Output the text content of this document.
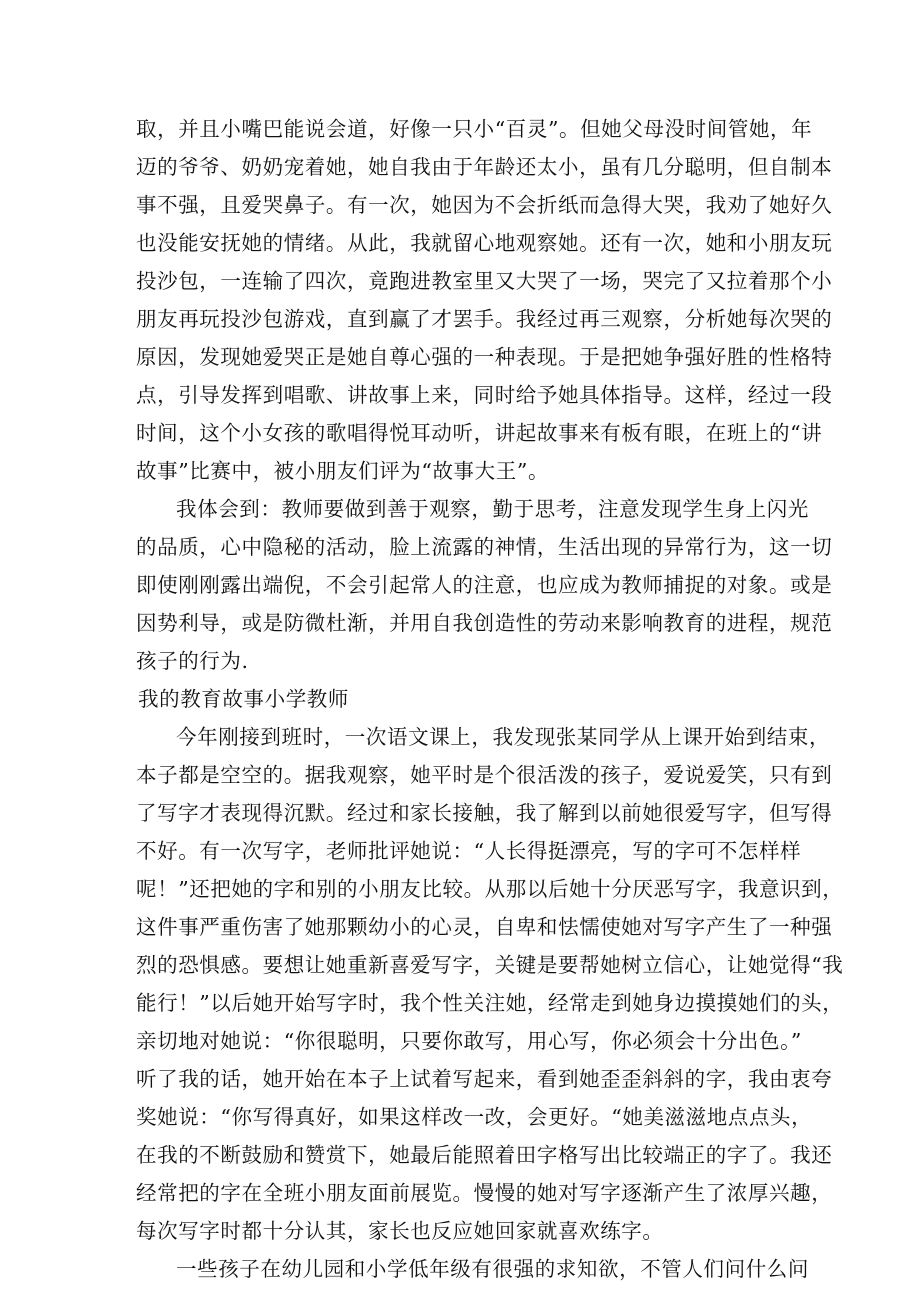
取，并且小嘴巴能说会道，好像一只小“百灵”。但她父母没时间管她，年
迈的爷爷、奶奶宠着她，她自我由于年龄还太小，虽有几分聪明，但自制本
事不强，且爱哭鼻子。有一次，她因为不会折纸而急得大哭，我劝了她好久
也没能安抚她的情绪。从此，我就留心地观察她。还有一次，她和小朋友玩
投沙包，一连输了四次，竟跑进教室里又大哭了一场，哭完了又拉着那个小
朋友再玩投沙包游戏，直到赢了才罢手。我经过再三观察，分析她每次哭的
原因，发现她爱哭正是她自尊心强的一种表现。于是把她争强好胜的性格特
点，引导发挥到唱歌、讲故事上来，同时给予她具体指导。这样，经过一段
时间，这个小女孩的歌唱得悦耳动听，讲起故事来有板有眼，在班上的“讲
故事”比赛中，被小朋友们评为“故事大王”。
我体会到：教师要做到善于观察，勤于思考，注意发现学生身上闪光
的品质，心中隐秘的活动，脸上流露的神情，生活出现的异常行为，这一切
即使刚刚露出端倪，不会引起常人的注意，也应成为教师捕捉的对象。或是
因势利导，或是防微杜渐，并用自我创造性的劳动来影响教育的进程，规范
孩子的行为.
我的教育故事小学教师
今年刚接到班时，一次语文课上，我发现张某同学从上课开始到结束，
本子都是空空的。据我观察，她平时是个很活泼的孩子，爱说爱笑，只有到
了写字才表现得沉默。经过和家长接触，我了解到以前她很爱写字，但写得
不好。有一次写字，老师批评她说：“人长得挺漂亮，写的字可不怎样样
呢！”还把她的字和别的小朋友比较。从那以后她十分厌恶写字，我意识到，
这件事严重伤害了她那颗幼小的心灵，自卑和怯懦使她对写字产生了一种强
烈的恐惧感。要想让她重新喜爱写字，关键是要帮她树立信心，让她觉得“我
能行！”以后她开始写字时，我个性关注她，经常走到她身边摸摸她们的头，
亲切地对她说：“你很聪明，只要你敢写，用心写，你必须会十分出色。”
听了我的话，她开始在本子上试着写起来，看到她歪歪斜斜的字，我由衷夸
奖她说：“你写得真好，如果这样改一改，会更好。“她美滋滋地点点头，
在我的不断鼓励和赞赏下，她最后能照着田字格写出比较端正的字了。我还
经常把的字在全班小朋友面前展览。慢慢的她对写字逐渐产生了浓厚兴趣，
每次写字时都十分认其，家长也反应她回家就喜欢练字。
一些孩子在幼儿园和小学低年级有很强的求知欲，不管人们问什么问
